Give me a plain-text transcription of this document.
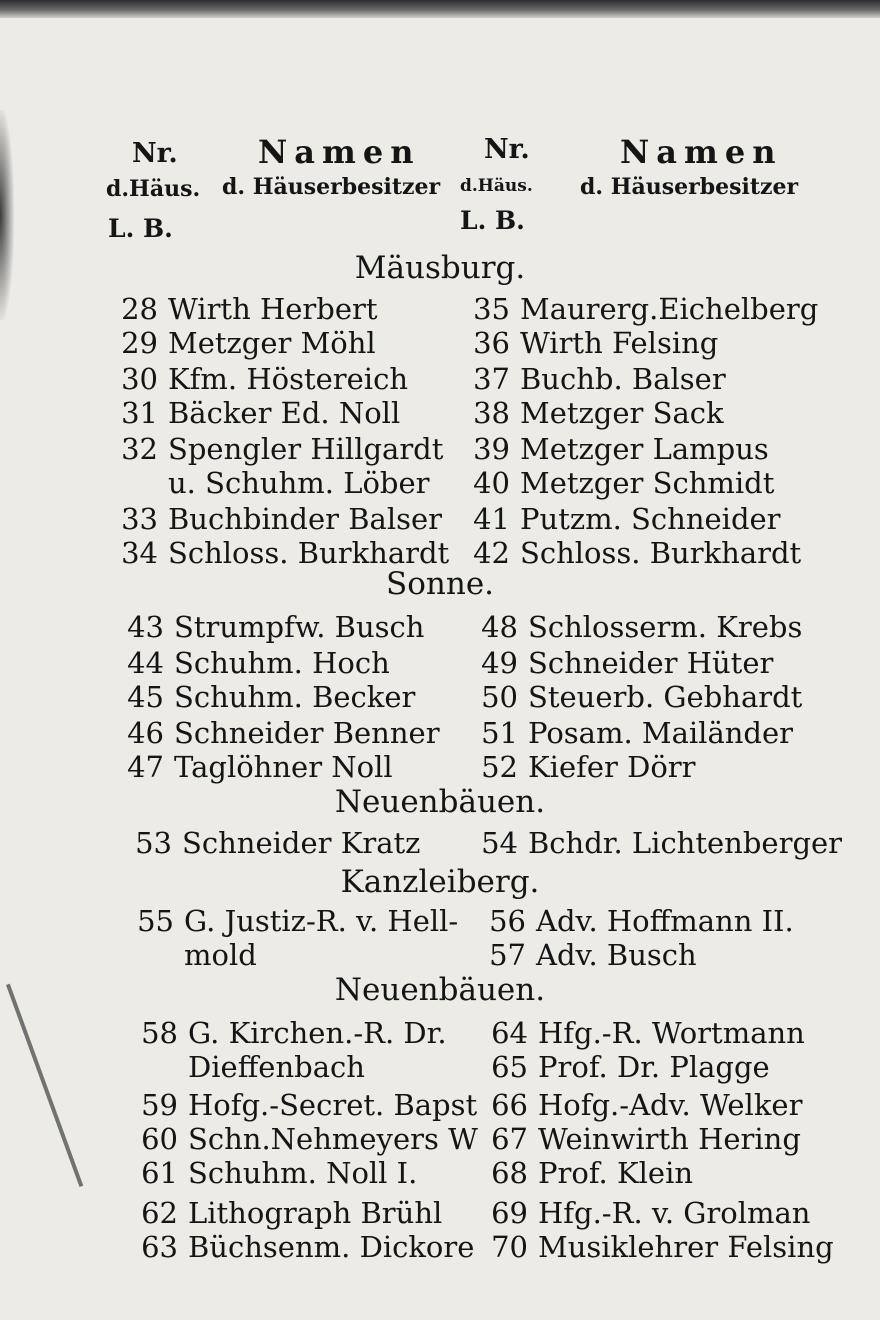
Nr.	Namen
d.Häus. d. Häuserbesitzer
L. B.
Nr.	Namen
d.Häus. d. Häuserbesitzer
L. B.
Mäusburg.
28 Wirth Herbert
29 Metzger Möhl
30 Kfm. Höstereich
31 Bäcker Ed. Noll
32 Spengler Hillgardt
u. Schuhm. Löber
33 Buchbinder Balser
34 Schloss. Burkhardt
35 Maurerg.Eichelberg
36 Wirth Felsing
37 Buchb. Balser
38 Metzger Sack
39 Metzger Lampus
40 Metzger Schmidt
41 Putzm. Schneider
42 Schloss. Burkhardt
Sonne.
43 Strumpfw. Busch
44 Schuhm. Hoch
45 Schuhm. Becker
46 Schneider Benner
47 Taglöhner Noll
48 Schlosserm. Krebs
49 Schneider Hüter
50 Steuerb. Gebhardt
51 Posam. Mailänder
52 Kiefer Dörr
Neuenbäuen.
53 Schneider Kratz 54 Bchdr. Lichtenberger
Kanzleiberg.
55 G. Justiz-R. v. Hell-
mold
56 Adv. Hoffmann II.
57 Adv. Busch
Neuenbäuen.
58 G. Kirchen.-R. Dr.
Dieffenbach
59 Hofg.-Secret. Bapst
60 Schn.Nehmeyers W
61 Schuhm. Noll I.
62 Lithograph Brühl
63 Büchsenm. Dickore
64 Hfg.-R. Wortmann
65 Prof. Dr. Plagge
66 Hofg.-Adv. Welker
67 Weinwirth Hering
68 Prof. Klein
69 Hfg.-R. v. Grolman
70 Musiklehrer Felsing
